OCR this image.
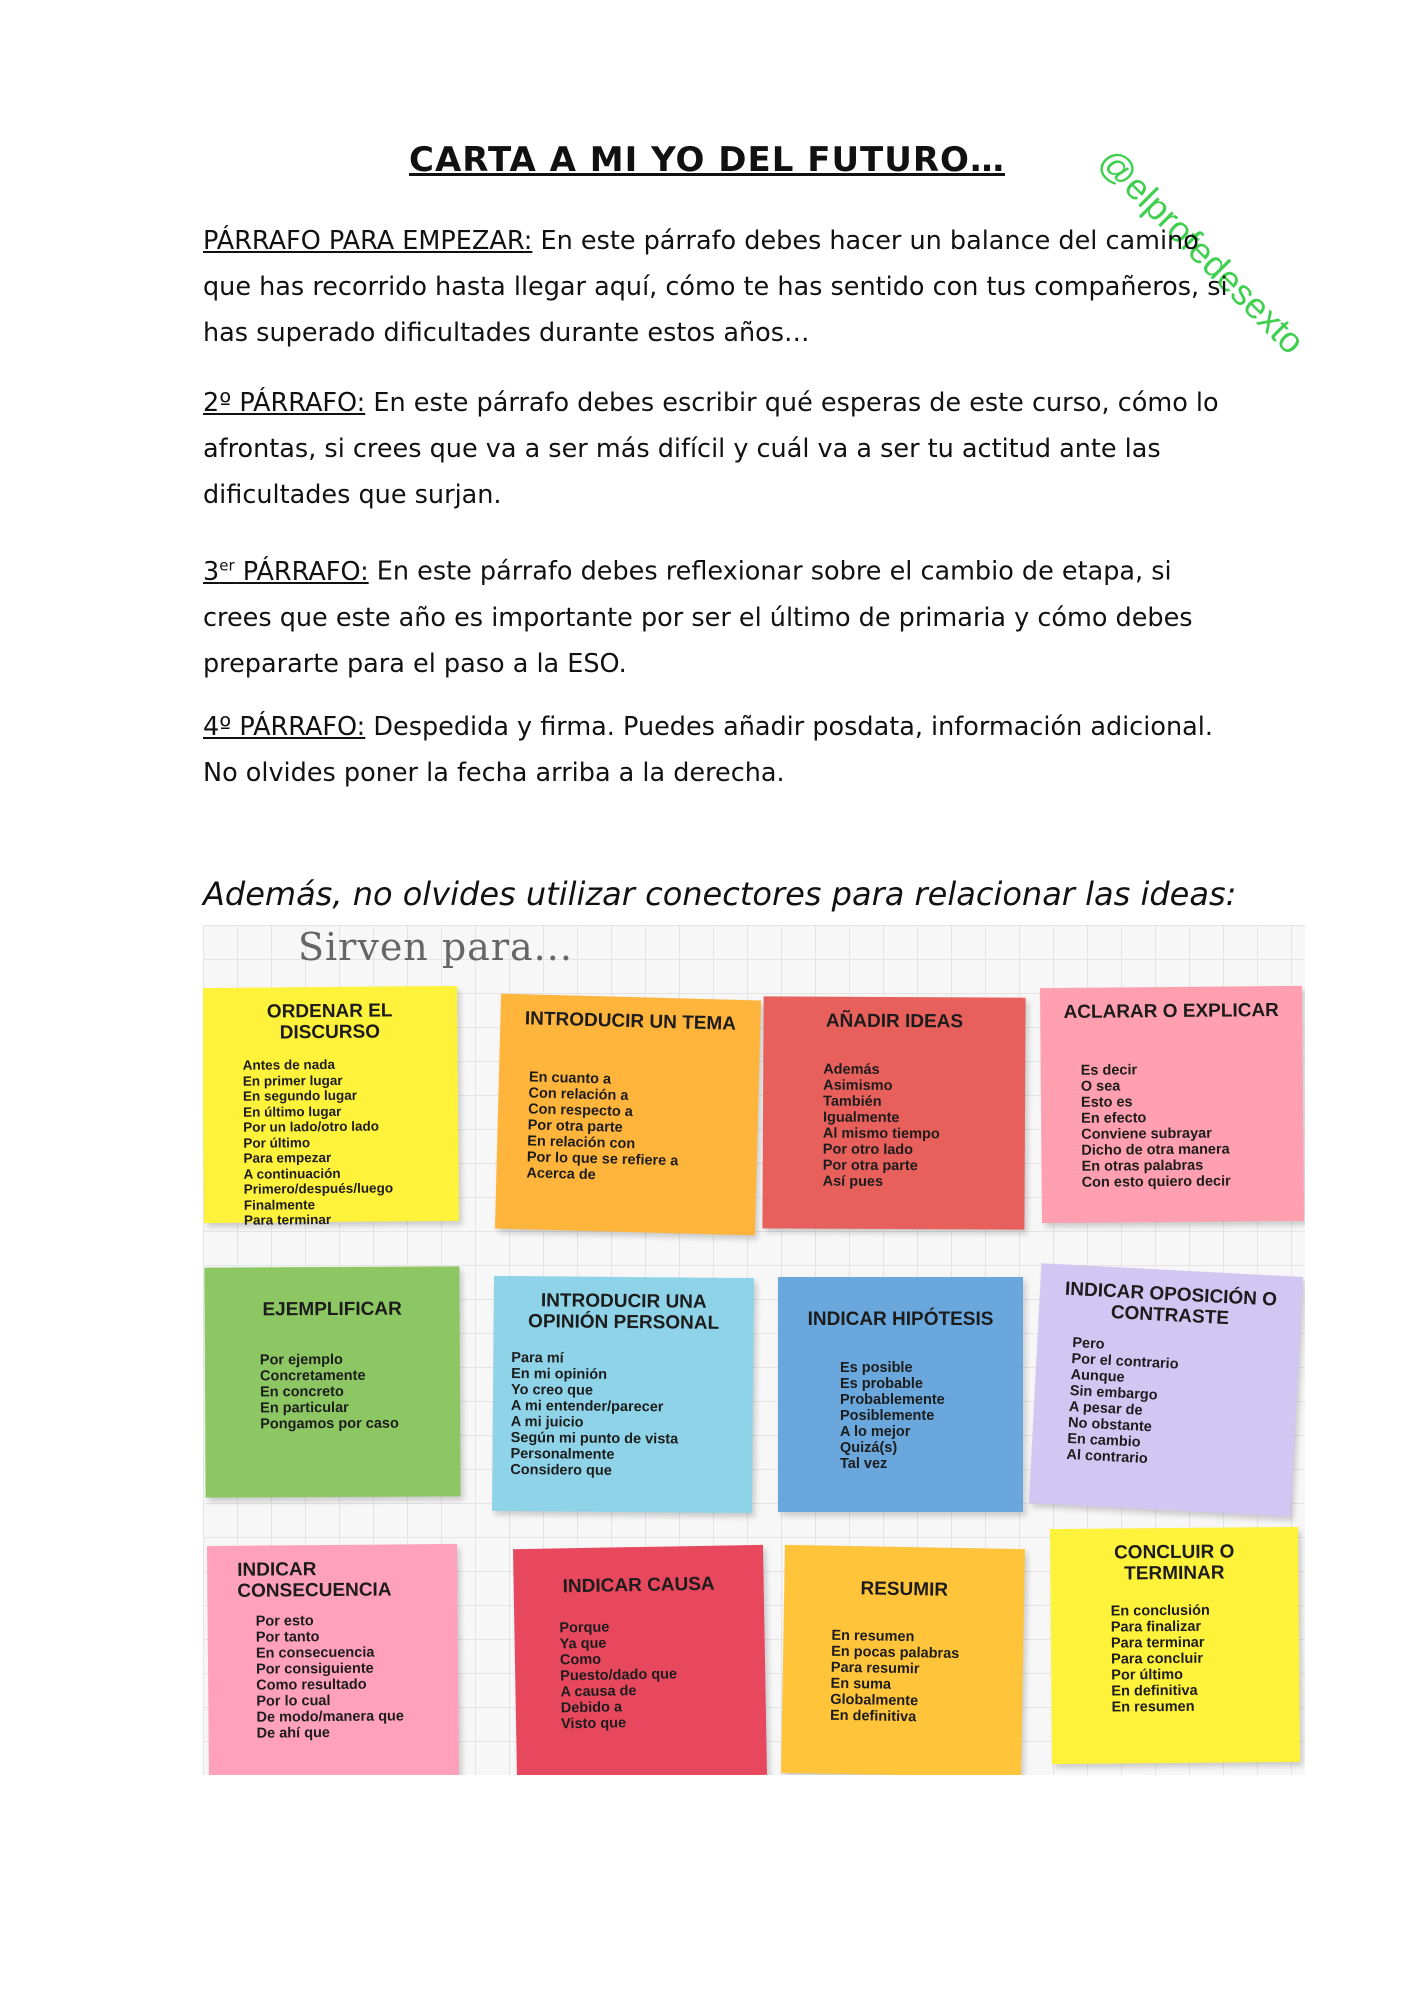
@elprofedesexto
CARTA A MI YO DEL FUTURO…

PÁRRAFO PARA EMPEZAR: En este párrafo debes hacer un balance del camino que has recorrido hasta llegar aquí, cómo te has sentido con tus compañeros, si has superado dificultades durante estos años…

2º PÁRRAFO: En este párrafo debes escribir qué esperas de este curso, cómo lo afrontas, si crees que va a ser más difícil y cuál va a ser tu actitud ante las dificultades que surjan.

3er PÁRRAFO: En este párrafo debes reflexionar sobre el cambio de etapa, si crees que este año es importante por ser el último de primaria y cómo debes prepararte para el paso a la ESO.

4º PÁRRAFO: Despedida y firma. Puedes añadir posdata, información adicional. No olvides poner la fecha arriba a la derecha.

Además, no olvides utilizar conectores para relacionar las ideas:
Sirven para...
ORDENAR EL DISCURSO
Antes de nada
En primer lugar
En segundo lugar
En último lugar
Por un lado/otro lado
Por último
Para empezar
A continuación
Primero/después/luego
Finalmente
Para terminar
INTRODUCIR UN TEMA
En cuanto a
Con relación a
Con respecto a
Por otra parte
En relación con
Por lo que se refiere a
Acerca de
AÑADIR IDEAS
Además
Asimismo
También
Igualmente
Al mismo tiempo
Por otro lado
Por otra parte
Así pues
ACLARAR O EXPLICAR
Es decir
O sea
Esto es
En efecto
Conviene subrayar
Dicho de otra manera
En otras palabras
Con esto quiero decir
EJEMPLIFICAR
Por ejemplo
Concretamente
En concreto
En particular
Pongamos por caso
INTRODUCIR UNA OPINIÓN PERSONAL
Para mí
En mi opinión
Yo creo que
A mi entender/parecer
A mi juicio
Según mi punto de vista
Personalmente
Considero que
INDICAR HIPÓTESIS
Es posible
Es probable
Probablemente
Posiblemente
A lo mejor
Quizá(s)
Tal vez
INDICAR OPOSICIÓN O CONTRASTE
Pero
Por el contrario
Aunque
Sin embargo
A pesar de
No obstante
En cambio
Al contrario
INDICAR CONSECUENCIA
Por esto
Por tanto
En consecuencia
Por consiguiente
Como resultado
Por lo cual
De modo/manera que
De ahí que
INDICAR CAUSA
Porque
Ya que
Como
Puesto/dado que
A causa de
Debido a
Visto que
RESUMIR
En resumen
En pocas palabras
Para resumir
En suma
Globalmente
En definitiva
CONCLUIR O TERMINAR
En conclusión
Para finalizar
Para terminar
Para concluir
Por último
En definitiva
En resumen
